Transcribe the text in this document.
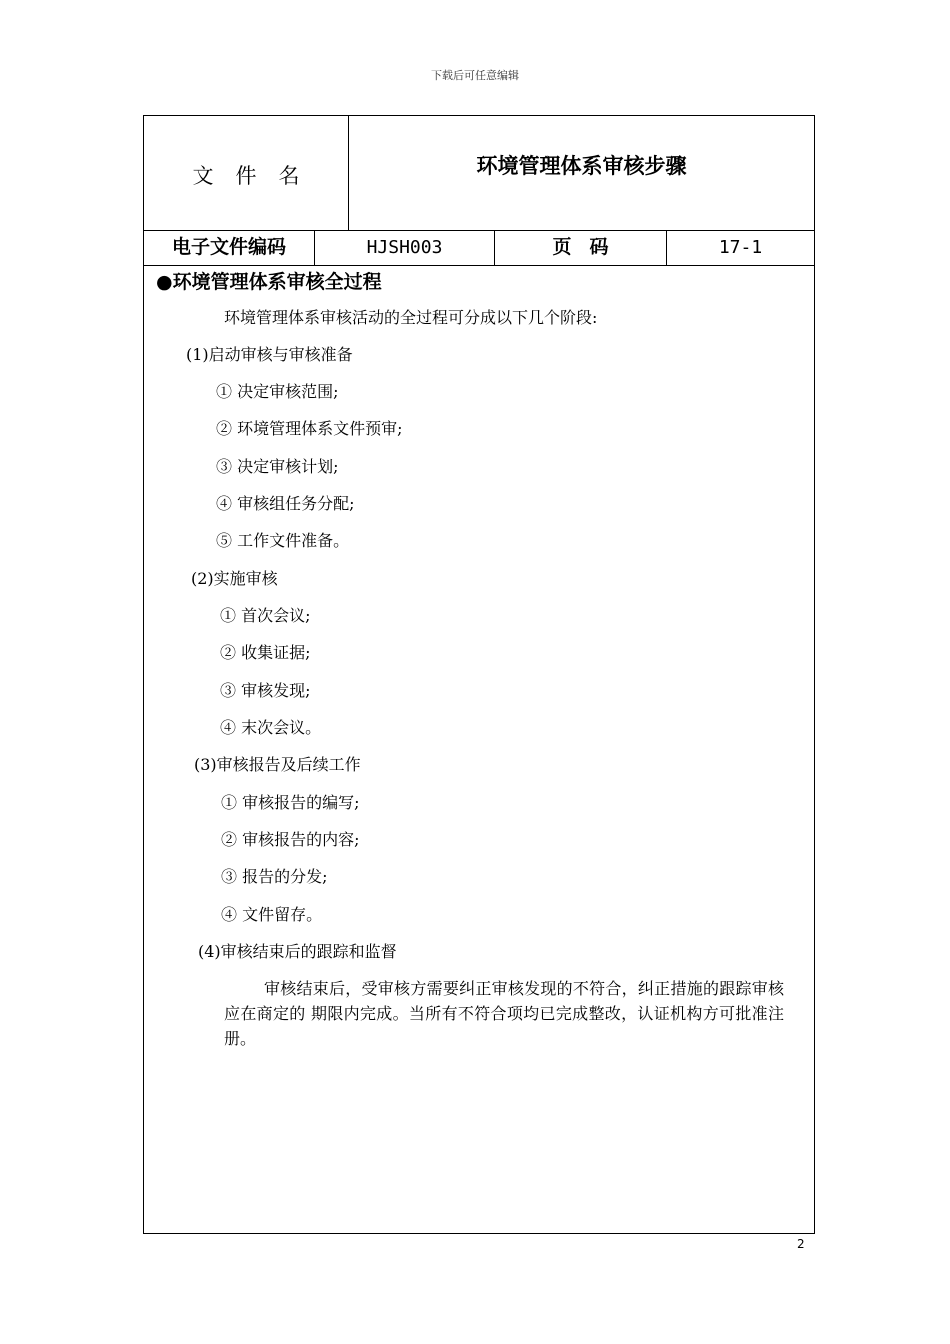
下载后可任意编辑
文件名	环境管理体系审核步骤
电子文件编码	HJSH003	页码	17-1
●环境管理体系审核全过程
环境管理体系审核活动的全过程可分成以下几个阶段:
(1)启动审核与审核准备
① 决定审核范围;
② 环境管理体系文件预审;
③ 决定审核计划;
④ 审核组任务分配;
⑤ 工作文件准备。
(2)实施审核
① 首次会议;
② 收集证据;
③ 审核发现;
④ 末次会议。
(3)审核报告及后续工作
① 审核报告的编写;
② 审核报告的内容;
③ 报告的分发;
④ 文件留存。
(4)审核结束后的跟踪和监督
审核结束后，受审核方需要纠正审核发现的不符合，纠正措施的跟踪审核应在商定的 期限内完成。当所有不符合项均已完成整改，认证机构方可批准注册。
2
